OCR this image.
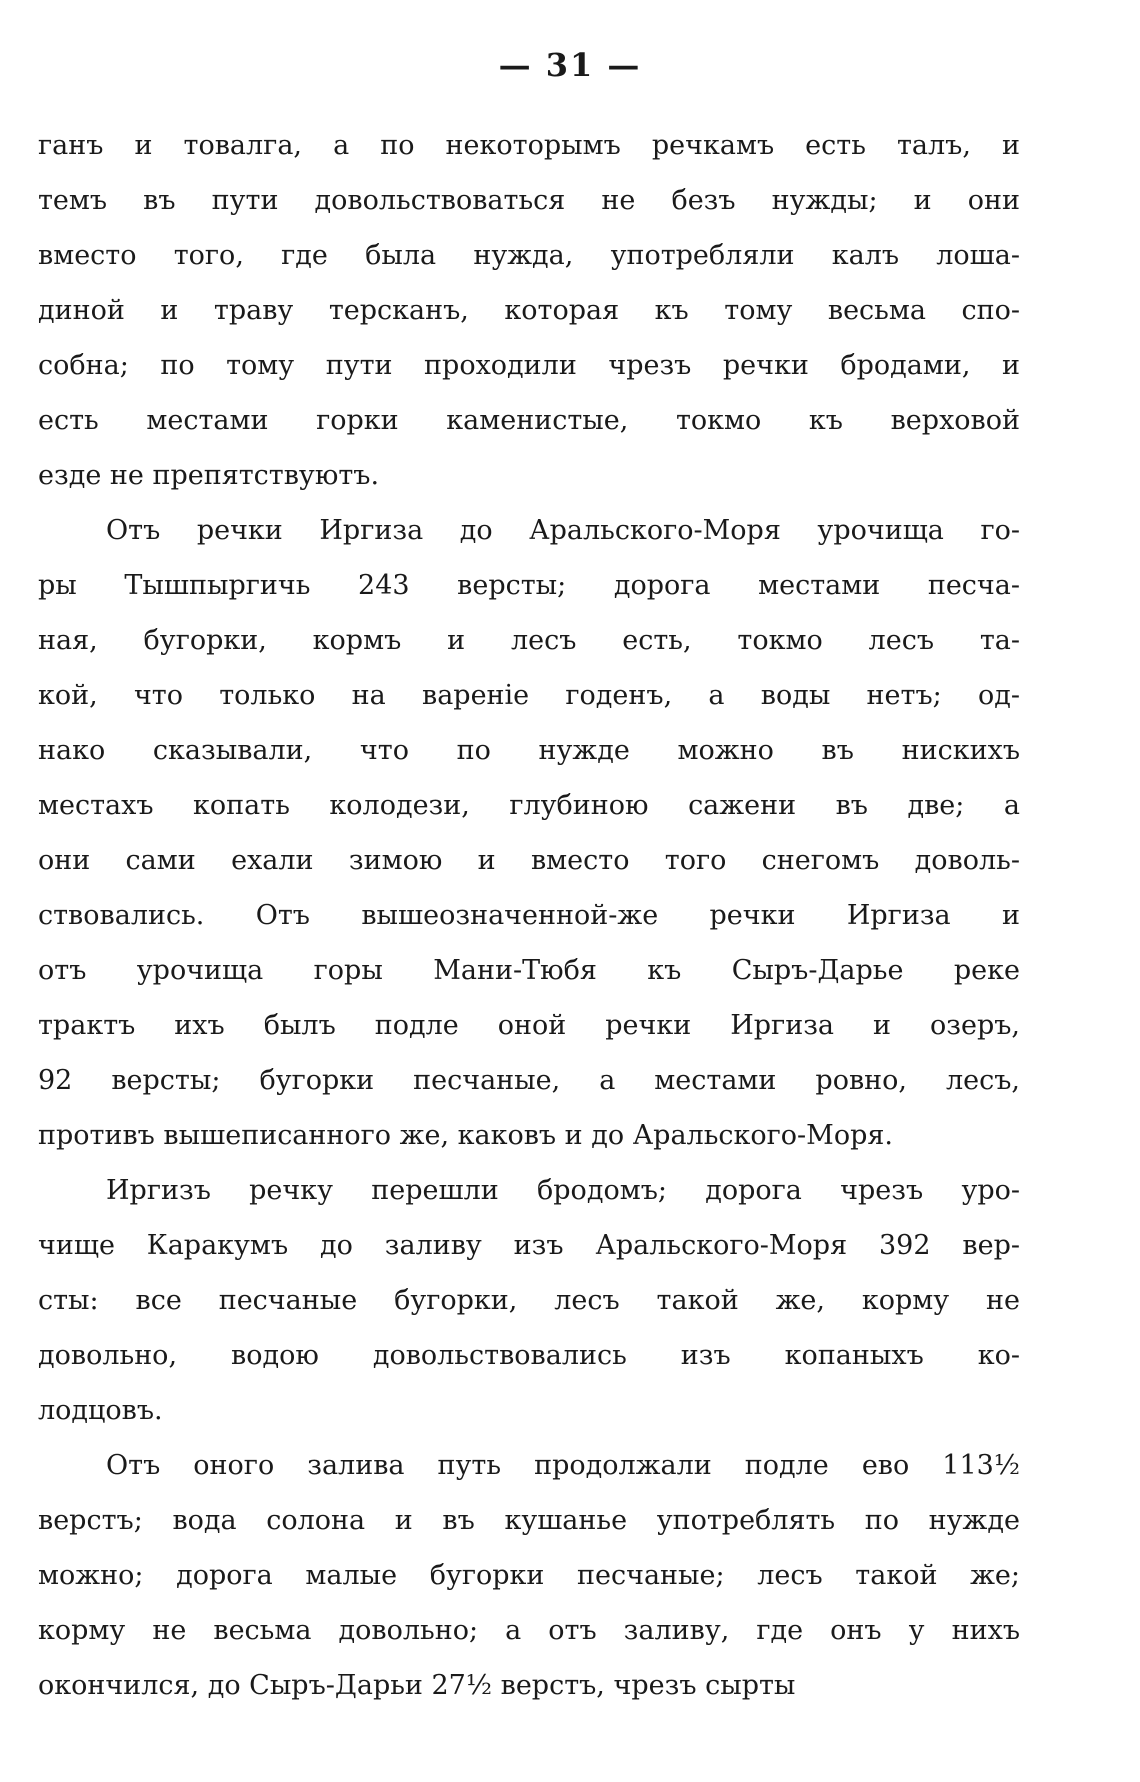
— 31 —
ганъ и товалга, а по некоторымъ речкамъ есть талъ, и
темъ въ пути довольствоваться не безъ нужды; и они
вместо того, где была нужда, употребляли калъ лоша-
диной и траву терсканъ, которая къ тому весьма спо-
собна; по тому пути проходили чрезъ речки бродами, и
есть местами горки каменистые, токмо къ верховой
езде не препятствуютъ.
Отъ речки Иргиза до Аральского-Моря урочища го-
ры Тышпыргичь 243 версты; дорога местами песча-
ная, бугорки, кормъ и лесъ есть, токмо лесъ та-
кой, что только на вареніе годенъ, а воды нетъ; од-
нако сказывали, что по нужде можно въ нискихъ
местахъ копать колодези, глубиною сажени въ две; а
они сами ехали зимою и вместо того снегомъ доволь-
ствовались. Отъ вышеозначенной-же речки Иргиза и
отъ урочища горы Мани-Тюбя къ Сыръ-Дарье реке
трактъ ихъ былъ подле оной речки Иргиза и озеръ,
92 версты; бугорки песчаные, а местами ровно, лесъ,
противъ вышеписанного же, каковъ и до Аральского-Моря.
Иргизъ речку перешли бродомъ; дорога чрезъ уро-
чище Каракумъ до заливу изъ Аральского-Моря 392 вер-
сты: все песчаные бугорки, лесъ такой же, корму не
довольно, водою довольствовались изъ копаныхъ ко-
лодцовъ.
Отъ оного залива путь продолжали подле ево 113½
верстъ; вода солона и въ кушанье употреблять по нужде
можно; дорога малые бугорки песчаные; лесъ такой же;
корму не весьма довольно; а отъ заливу, где онъ у нихъ
окончился, до Сыръ-Дарьи 27½ верстъ, чрезъ сырты
